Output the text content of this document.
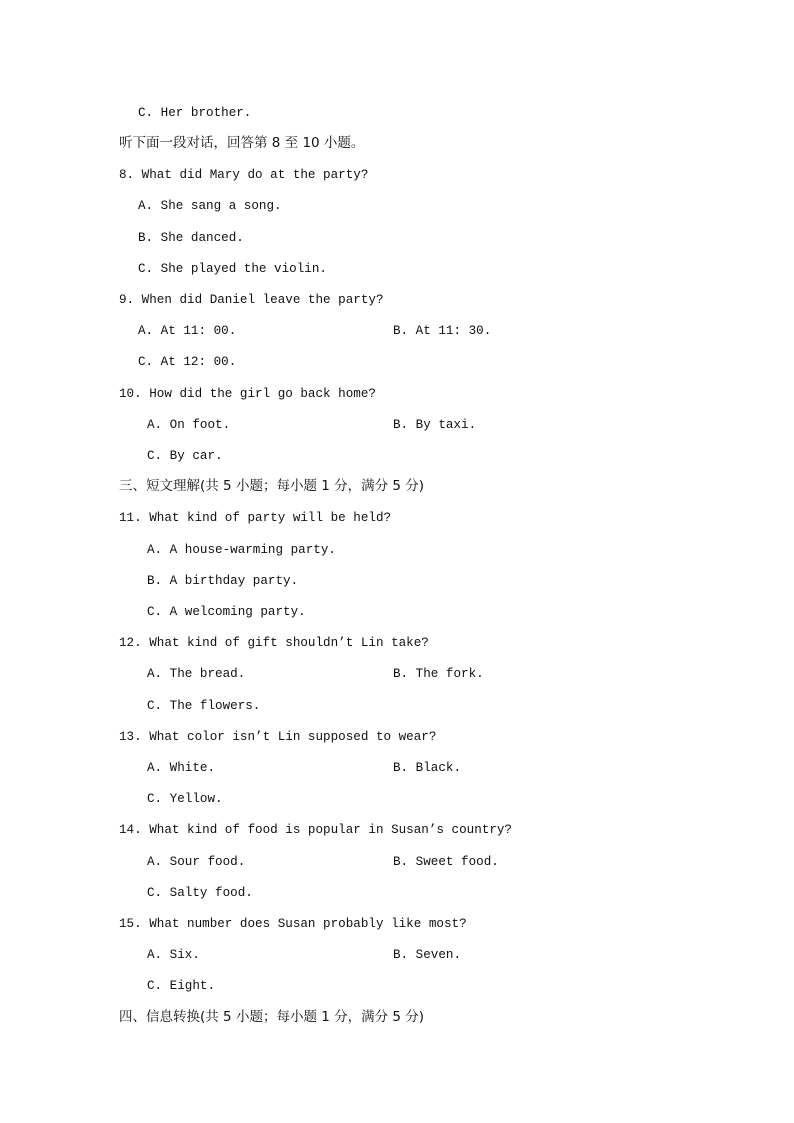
C. Her brother.
听下面一段对话，回答第 8 至 10 小题。
8. What did Mary do at the party?
A. She sang a song.
B. She danced.
C. She played the violin.
9. When did Daniel leave the party?
A. At 11: 00.	B. At 11: 30.
C. At 12: 00.
10. How did the girl go back home?
A. On foot.	B. By taxi.
C. By car.
三、短文理解(共 5 小题；每小题 1 分，满分 5 分)
11. What kind of party will be held?
A. A house-warming party.
B. A birthday party.
C. A welcoming party.
12. What kind of gift shouldn’t Lin take?
A. The bread.	B. The fork.
C. The flowers.
13. What color isn’t Lin supposed to wear?
A. White.	B. Black.
C. Yellow.
14. What kind of food is popular in Susan’s country?
A. Sour food.	B. Sweet food.
C. Salty food.
15. What number does Susan probably like most?
A. Six.	B. Seven.
C. Eight.
四、信息转换(共 5 小题；每小题 1 分，满分 5 分)
